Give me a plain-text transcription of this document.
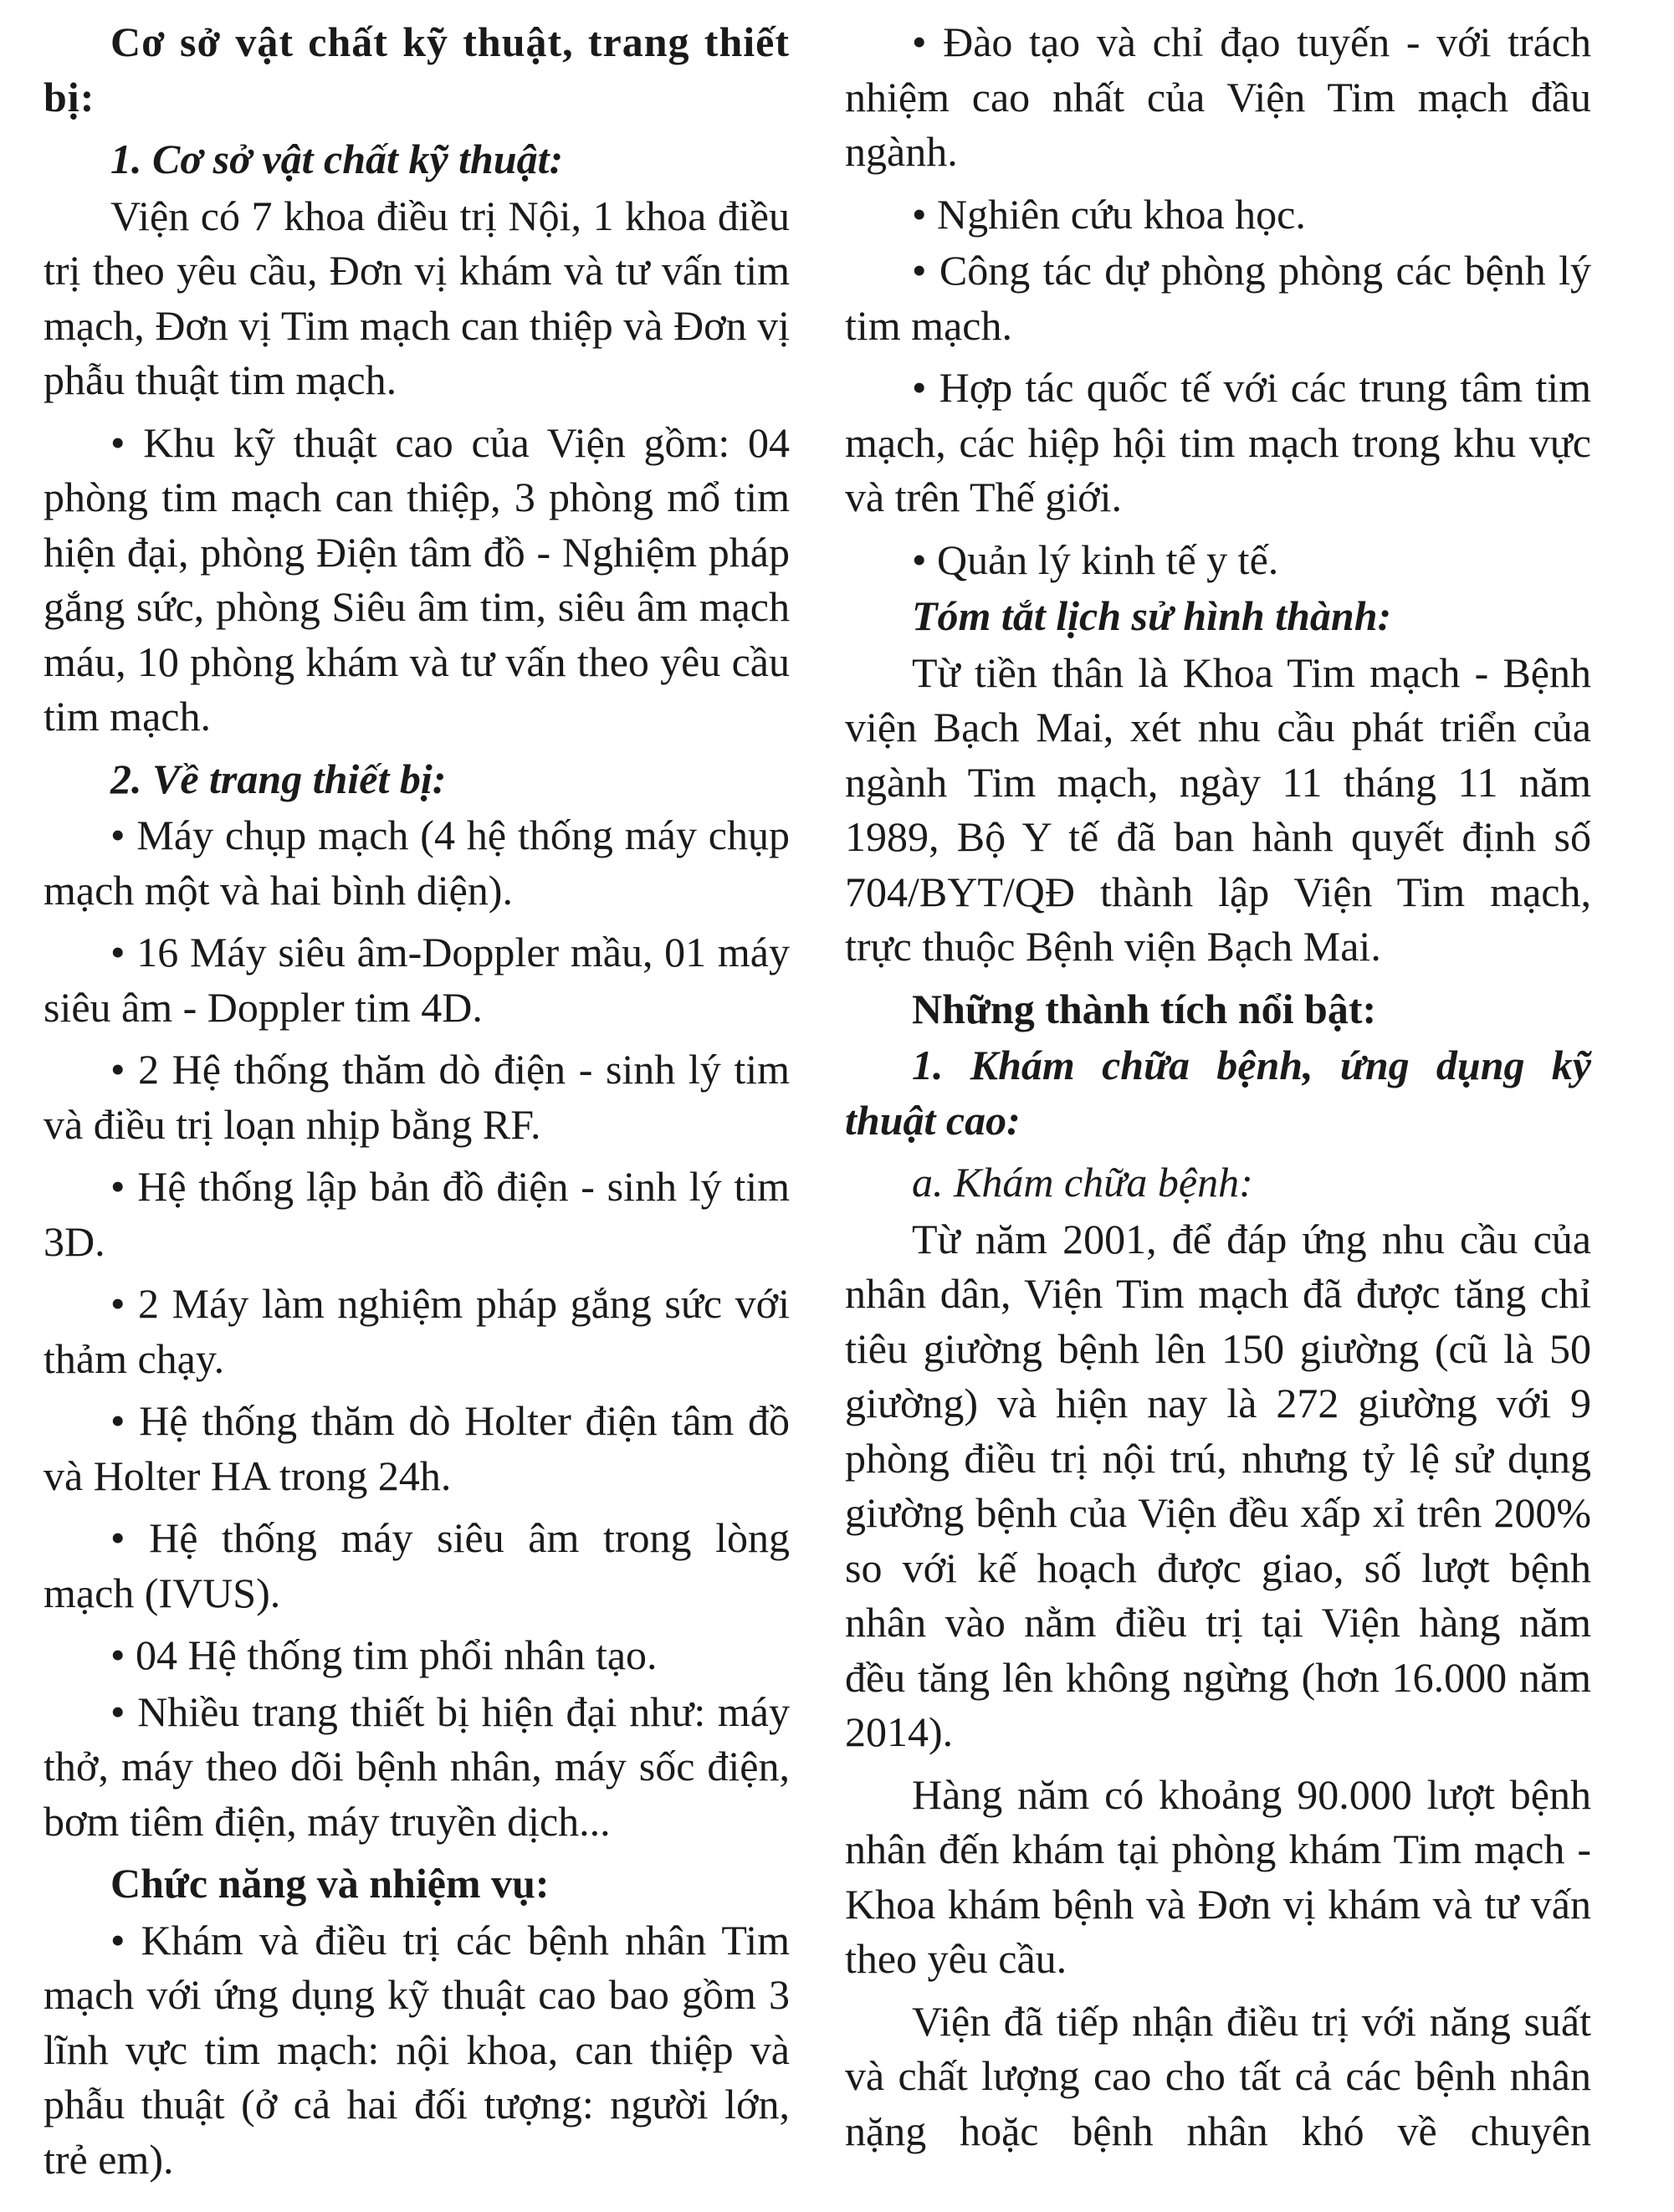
Cơ sở vật chất kỹ thuật, trang thiết bị:

1. Cơ sở vật chất kỹ thuật:

Viện có 7 khoa điều trị Nội, 1 khoa điều trị theo yêu cầu, Đơn vị khám và tư vấn tim mạch, Đơn vị Tim mạch can thiệp và Đơn vị phẫu thuật tim mạch.

• Khu kỹ thuật cao của Viện gồm: 04 phòng tim mạch can thiệp, 3 phòng mổ tim hiện đại, phòng Điện tâm đồ - Nghiệm pháp gắng sức, phòng Siêu âm tim, siêu âm mạch máu, 10 phòng khám và tư vấn theo yêu cầu tim mạch.

2. Về trang thiết bị:

• Máy chụp mạch (4 hệ thống máy chụp mạch một và hai bình diện).

• 16 Máy siêu âm-Doppler mầu, 01 máy siêu âm - Doppler tim 4D.

• 2 Hệ thống thăm dò điện - sinh lý tim và điều trị loạn nhịp bằng RF.

• Hệ thống lập bản đồ điện - sinh lý tim 3D.

• 2 Máy làm nghiệm pháp gắng sức với thảm chạy.

• Hệ thống thăm dò Holter điện tâm đồ và Holter HA trong 24h.

• Hệ thống máy siêu âm trong lòng mạch (IVUS).

• 04 Hệ thống tim phổi nhân tạo.

• Nhiều trang thiết bị hiện đại như: máy thở, máy theo dõi bệnh nhân, máy sốc điện, bơm tiêm điện, máy truyền dịch...

Chức năng và nhiệm vụ:

• Khám và điều trị các bệnh nhân Tim mạch với ứng dụng kỹ thuật cao bao gồm 3 lĩnh vực tim mạch: nội khoa, can thiệp và phẫu thuật (ở cả hai đối tượng: người lớn, trẻ em).

• Đào tạo và chỉ đạo tuyến - với trách nhiệm cao nhất của Viện Tim mạch đầu ngành.

• Nghiên cứu khoa học.

• Công tác dự phòng phòng các bệnh lý tim mạch.

• Hợp tác quốc tế với các trung tâm tim mạch, các hiệp hội tim mạch trong khu vực và trên Thế giới.

• Quản lý kinh tế y tế.

Tóm tắt lịch sử hình thành:

Từ tiền thân là Khoa Tim mạch - Bệnh viện Bạch Mai, xét nhu cầu phát triển của ngành Tim mạch, ngày 11 tháng 11 năm 1989, Bộ Y tế đã ban hành quyết định số 704/BYT/QĐ thành lập Viện Tim mạch, trực thuộc Bệnh viện Bạch Mai.

Những thành tích nổi bật:

1. Khám chữa bệnh, ứng dụng kỹ thuật cao:

a. Khám chữa bệnh:

Từ năm 2001, để đáp ứng nhu cầu của nhân dân, Viện Tim mạch đã được tăng chỉ tiêu giường bệnh lên 150 giường (cũ là 50 giường) và hiện nay là 272 giường với 9 phòng điều trị nội trú, nhưng tỷ lệ sử dụng giường bệnh của Viện đều xấp xỉ trên 200% so với kế hoạch được giao, số lượt bệnh nhân vào nằm điều trị tại Viện hàng năm đều tăng lên không ngừng (hơn 16.000 năm 2014).

Hàng năm có khoảng 90.000 lượt bệnh nhân đến khám tại phòng khám Tim mạch - Khoa khám bệnh và Đơn vị khám và tư vấn theo yêu cầu.

Viện đã tiếp nhận điều trị với năng suất và chất lượng cao cho tất cả các bệnh nhân nặng hoặc bệnh nhân khó về chuyên
